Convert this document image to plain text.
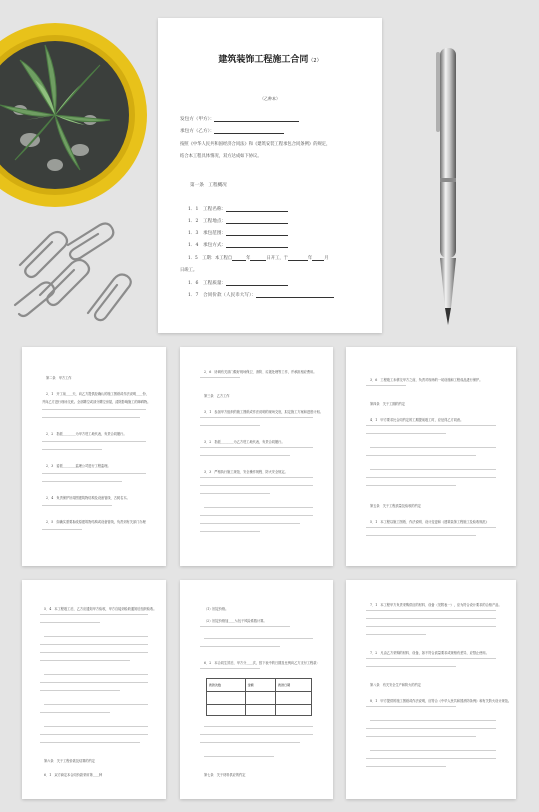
建筑装饰工程施工合同（2）
（乙种本）
发包方（甲方）：
承包方（乙方）：
按照《中华人民共和国经济合同法》和《建筑安装工程承包合同条例》的规定，
结合本工程具体情况，双方达成如下协议。
第一条　工程概况
1．1  工程名称：
1．2  工程地点：
1．3  承包范围：
1．4  承包方式：
1．5  工期：本工程自	年	日开工，于	年	月
日竣工。
1．6  工程质量：
1．7  合同价款（人民币大写）：
第二条　甲方工作
2．1　开工前____天，向乙方提供经确认的施工图纸或作法说明____份，
并向乙方进行现场交底。全部腾空或部分腾空房屋，清除影响施工的障碍物。
2．2　指派________为甲方驻工地代表，负责合同履行。
2．3　委派________监理公司进行工程监理。
2．4　负责保护好周围建筑物结构及设备管线、古树名木。
2．5　如确实需要拆改原建筑物结构或设备管线，负责到有关部门办理
2．6　协调有关部门做好现场保卫、消防、垃圾处理等工作，并承担相应费用。
第三条　乙方工作
3．1　参加甲方组织的施工图纸或作法说明的现场交底，拟定施工方案和进度计划。
3．2　指派________为乙方驻工地代表，负责合同履行。
3．3　严格执行施工规范、安全操作规程、防火安全规定。
3．6　工程竣工未移交甲方之前，负责对现场的一切设施和工程成品进行保护。
第四条　关于工期的约定
4．1　甲方要求比合同约定的工期提前竣工时，应征得乙方同意。
第五条　关于工程质量及验收的约定
5．1　本工程以施工图纸、作法说明、设计变更和《建筑装饰工程施工及验收规范》
5．4　本工程竣工后，乙方应通知甲方验收，甲方自接到验收通知后组织验收。
第六条　关于工程价款及结算的约定
6．1　双方商定本合同价款采用第____种
（1）固定价格。
（2）固定价格加____％包干风险系数计算。
6．2　本合同生效后，甲方分____次，按下表中的日期及比例向乙方支付工程款：
拨款次数	金额	拨款日期
第七条　关于材料供应的约定
7．1　本工程甲方负责采购供应的材料、设备（见附表一），应为符合设计要求的合格产品。
7．2　凡由乙方采购的材料、设备，如不符合质量要求或规格有差异，应禁止使用。
第八条　有关安全生产和防火的约定
8．1　甲方提供的施工图纸或作法说明，应符合《中华人民共和国消防条例》和有关防火设计规范。
